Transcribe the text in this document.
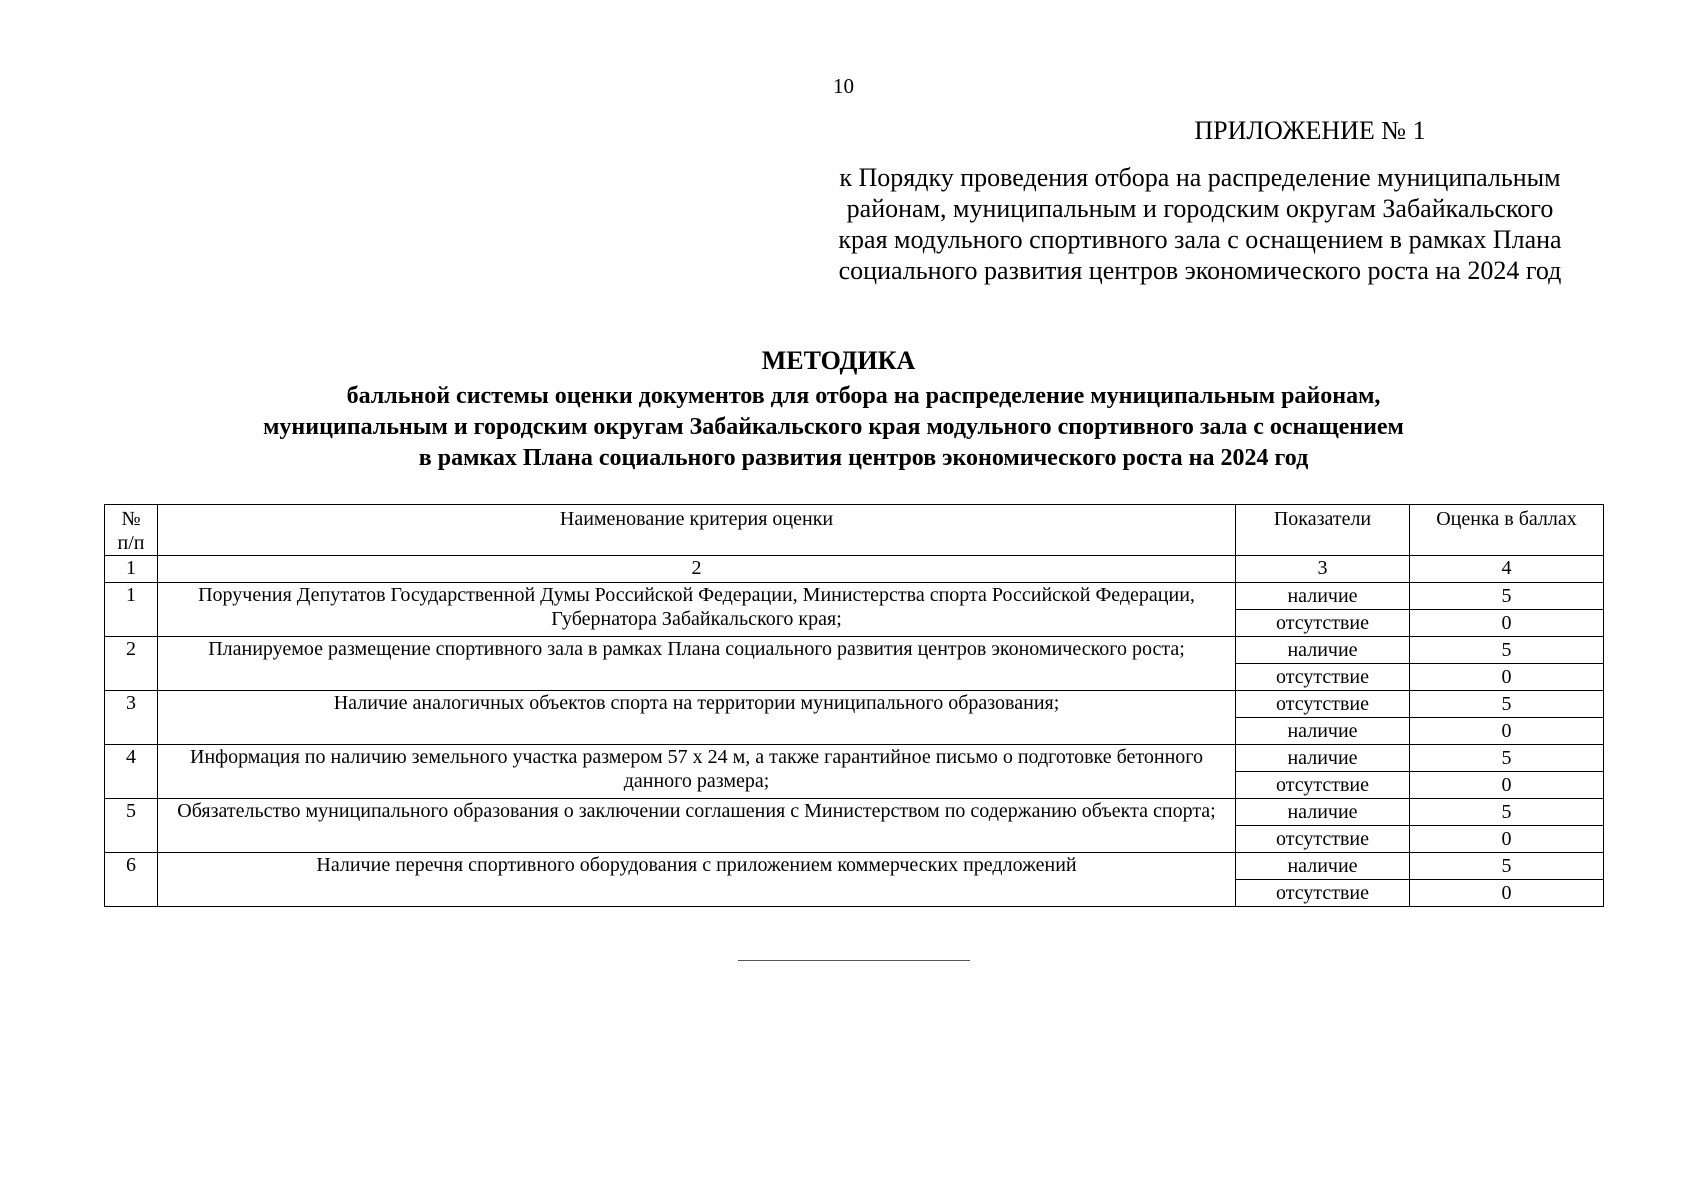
10
ПРИЛОЖЕНИЕ № 1
к Порядку проведения отбора на распределение муниципальным
районам, муниципальным и городским округам Забайкальского
края модульного спортивного зала с оснащением в рамках Плана
социального развития центров экономического роста на 2024 год
МЕТОДИКА
балльной системы оценки документов для отбора на распределение муниципальным районам,
муниципальным и городским округам Забайкальского края модульного спортивного зала с оснащением
в рамках Плана социального развития центров экономического роста на 2024 год
№ п/п	Наименование критерия оценки	Показатели	Оценка в баллах
1	2	3	4
1	Поручения Депутатов Государственной Думы Российской Федерации, Министерства спорта Российской Федерации, Губернатора Забайкальского края;	наличие	5
		отсутствие	0
2	Планируемое размещение спортивного зала в рамках Плана социального развития центров экономического роста;	наличие	5
		отсутствие	0
3	Наличие аналогичных объектов спорта на территории муниципального образования;	отсутствие	5
		наличие	0
4	Информация по наличию земельного участка размером 57 х 24 м, а также гарантийное письмо о подготовке бетонного данного размера;	наличие	5
		отсутствие	0
5	Обязательство муниципального образования о заключении соглашения с Министерством по содержанию объекта спорта;	наличие	5
		отсутствие	0
6	Наличие перечня спортивного оборудования с приложением коммерческих предложений	наличие	5
		отсутствие	0
